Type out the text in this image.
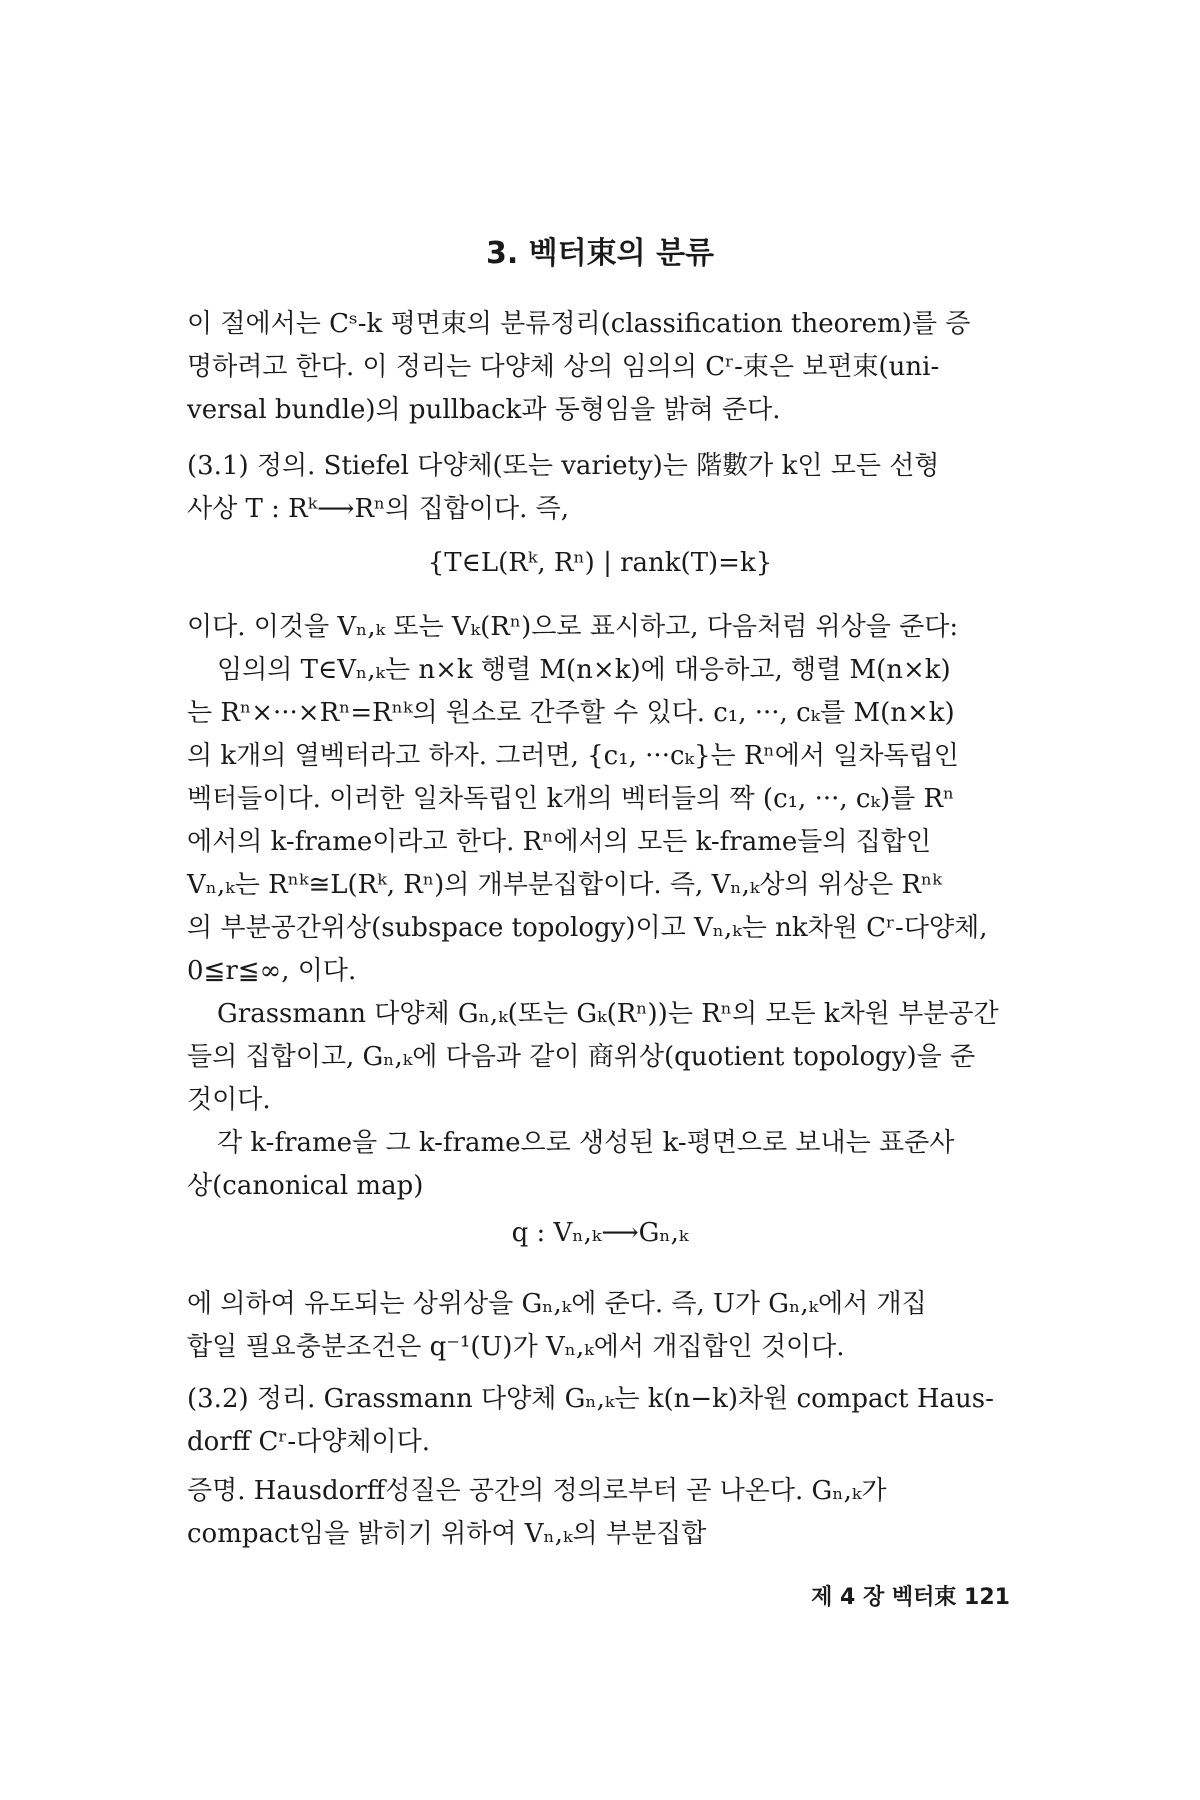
3. 벡터束의 분류
이 절에서는 Cˢ-k 평면束의 분류정리(classification theorem)를 증
명하려고 한다. 이 정리는 다양체 상의 임의의 Cʳ-束은 보편束(uni-
versal bundle)의 pullback과 동형임을 밝혀 준다.
(3.1) 정의. Stiefel 다양체(또는 variety)는 階數가 k인 모든 선형
사상 T : Rᵏ⟶Rⁿ의 집합이다. 즉,
{T∈L(Rᵏ, Rⁿ) | rank(T)=k}
이다. 이것을 Vₙ,ₖ 또는 Vₖ(Rⁿ)으로 표시하고, 다음처럼 위상을 준다:
임의의 T∈Vₙ,ₖ는 n×k 행렬 M(n×k)에 대응하고, 행렬 M(n×k)
는 Rⁿ×···×Rⁿ=Rⁿᵏ의 원소로 간주할 수 있다. c₁, ···, cₖ를 M(n×k)
의 k개의 열벡터라고 하자. 그러면, {c₁, ···cₖ}는 Rⁿ에서 일차독립인
벡터들이다. 이러한 일차독립인 k개의 벡터들의 짝 (c₁, ···, cₖ)를 Rⁿ
에서의 k-frame이라고 한다. Rⁿ에서의 모든 k-frame들의 집합인
Vₙ,ₖ는 Rⁿᵏ≅L(Rᵏ, Rⁿ)의 개부분집합이다. 즉, Vₙ,ₖ상의 위상은 Rⁿᵏ
의 부분공간위상(subspace topology)이고 Vₙ,ₖ는 nk차원 Cʳ-다양체,
0≦r≦∞, 이다.
Grassmann 다양체 Gₙ,ₖ(또는 Gₖ(Rⁿ))는 Rⁿ의 모든 k차원 부분공간
들의 집합이고, Gₙ,ₖ에 다음과 같이 商위상(quotient topology)을 준
것이다.
각 k-frame을 그 k-frame으로 생성된 k-평면으로 보내는 표준사
상(canonical map)
q : Vₙ,ₖ⟶Gₙ,ₖ
에 의하여 유도되는 상위상을 Gₙ,ₖ에 준다. 즉, U가 Gₙ,ₖ에서 개집
합일 필요충분조건은 q⁻¹(U)가 Vₙ,ₖ에서 개집합인 것이다.
(3.2) 정리. Grassmann 다양체 Gₙ,ₖ는 k(n−k)차원 compact Haus-
dorff Cʳ-다양체이다.
증명. Hausdorff성질은 공간의 정의로부터 곧 나온다. Gₙ,ₖ가
compact임을 밝히기 위하여 Vₙ,ₖ의 부분집합
제 4 장 벡터束 121
